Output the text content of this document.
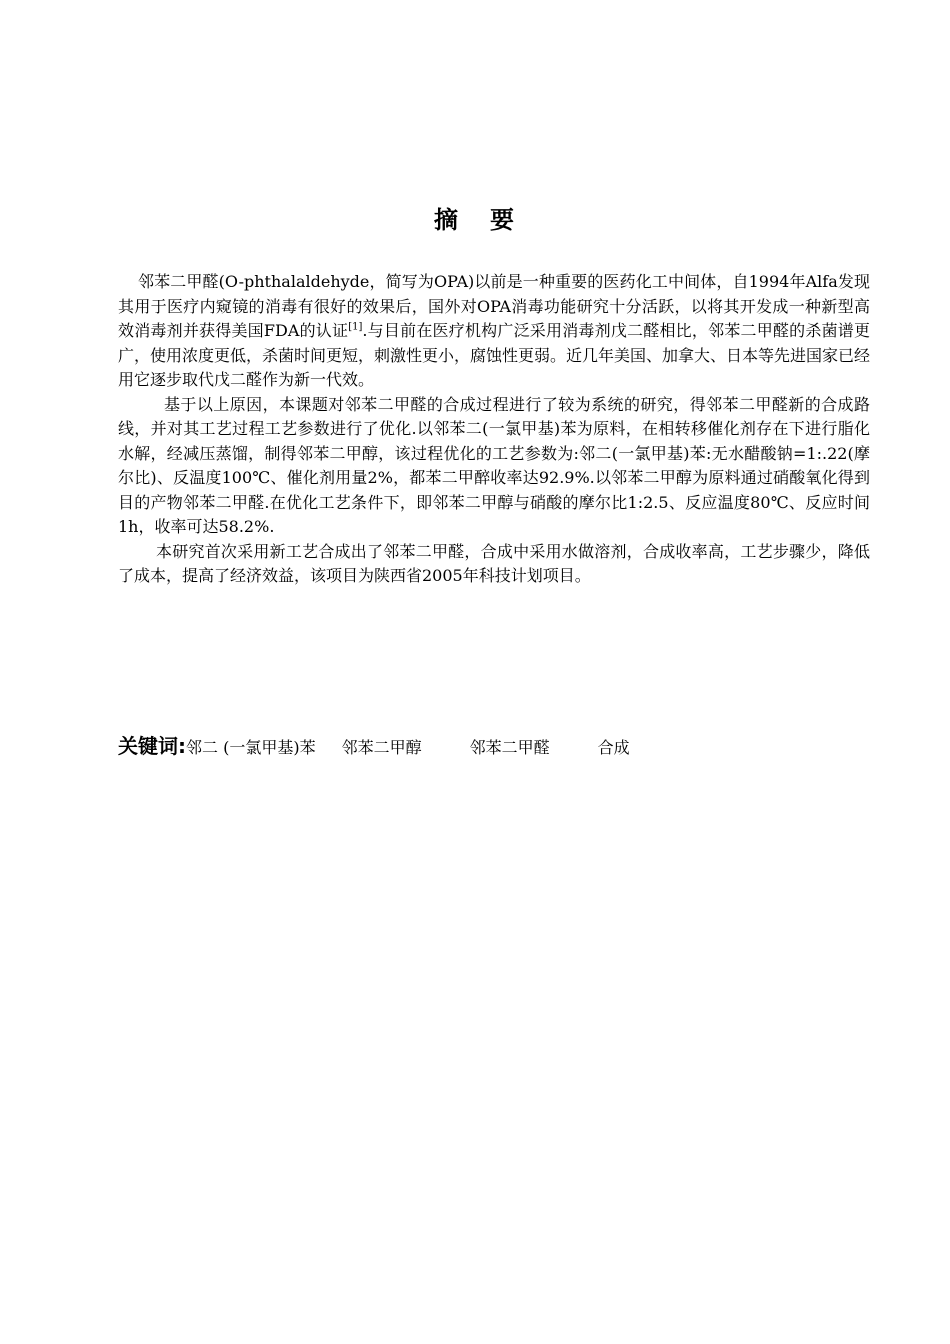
摘要

邻苯二甲醛(O-phthalaldehyde，简写为OPA)以前是一种重要的医药化工中间体，自1994年Alfa发现其用于医疗内窥镜的消毒有很好的效果后，国外对OPA消毒功能研究十分活跃，以将其开发成一种新型高效消毒剂并获得美国FDA的认证[1].与目前在医疗机构广泛采用消毒剂戊二醛相比，邻苯二甲醛的杀菌谱更广，使用浓度更低，杀菌时间更短，刺激性更小，腐蚀性更弱。近几年美国、加拿大、日本等先进国家已经用它逐步取代戊二醛作为新一代效。

基于以上原因，本课题对邻苯二甲醛的合成过程进行了较为系统的研究，得邻苯二甲醛新的合成路线，并对其工艺过程工艺参数进行了优化.以邻苯二(一氯甲基)苯为原料，在相转移催化剂存在下进行脂化水解，经减压蒸馏，制得邻苯二甲醇，该过程优化的工艺参数为:邻二(一氯甲基)苯:无水醋酸钠=1:.22(摩尔比)、反温度100℃、催化剂用量2%，都苯二甲醉收率达92.9%.以邻苯二甲醇为原料通过硝酸氧化得到目的产物邻苯二甲醛.在优化工艺条件下，即邻苯二甲醇与硝酸的摩尔比1:2.5、反应温度80℃、反应时间1h，收率可达58.2%.

本研究首次采用新工艺合成出了邻苯二甲醛，合成中采用水做溶剂，合成收率高，工艺步骤少，降低了成本，提高了经济效益，该项目为陕西省2005年科技计划项目。

关键词:邻二 (一氯甲基)苯 邻苯二甲醇	邻苯二甲醛	合成
